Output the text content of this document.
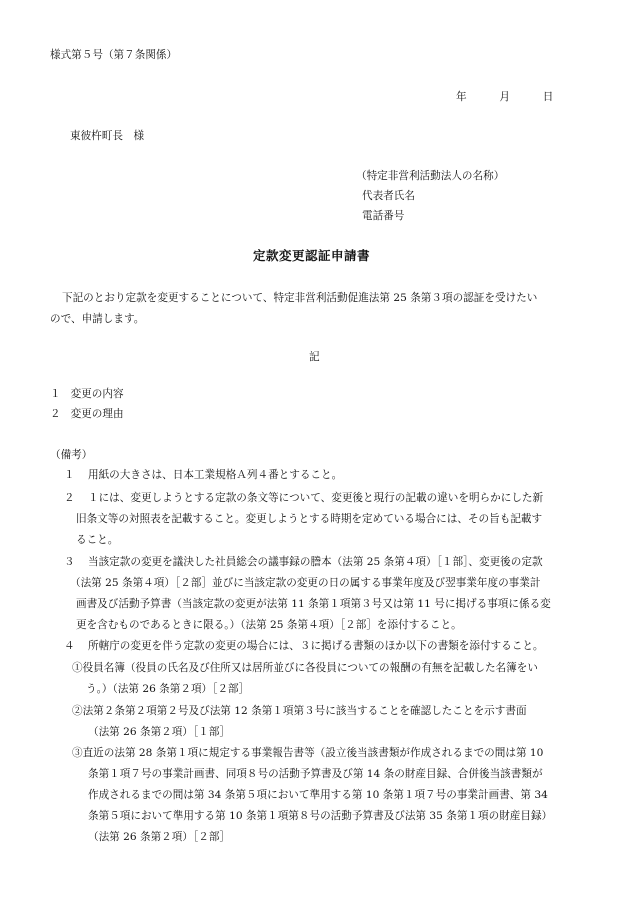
様式第５号（第７条関係）
年	月	日
東彼杵町長　様
（特定非営利活動法人の名称）
代表者氏名
電話番号
定款変更認証申請書
下記のとおり定款を変更することについて、特定非営利活動促進法第 25 条第３項の認証を受けたい
ので、申請します。
記
１ 変更の内容
２ 変更の理由
（備考）
１ 用紙の大きさは、日本工業規格Ａ列４番とすること。
２ １には、変更しようとする定款の条文等について、変更後と現行の記載の違いを明らかにした新
旧条文等の対照表を記載すること。変更しようとする時期を定めている場合には、その旨も記載す
ること。
３ 当該定款の変更を議決した社員総会の議事録の謄本（法第 25 条第４項）［１部］、変更後の定款
（法第 25 条第４項）［２部］並びに当該定款の変更の日の属する事業年度及び翌事業年度の事業計
画書及び活動予算書（当該定款の変更が法第 11 条第１項第３号又は第 11 号に掲げる事項に係る変
更を含むものであるときに限る。）（法第 25 条第４項）［２部］を添付すること。
４ 所轄庁の変更を伴う定款の変更の場合には、３に掲げる書類のほか以下の書類を添付すること。
①役員名簿（役員の氏名及び住所又は居所並びに各役員についての報酬の有無を記載した名簿をい
う。）（法第 26 条第２項）［２部］
②法第２条第２項第２号及び法第 12 条第１項第３号に該当することを確認したことを示す書面
（法第 26 条第２項）［１部］
③直近の法第 28 条第１項に規定する事業報告書等（設立後当該書類が作成されるまでの間は第 10
条第１項７号の事業計画書、同項８号の活動予算書及び第 14 条の財産目録、合併後当該書類が
作成されるまでの間は第 34 条第５項において準用する第 10 条第１項７号の事業計画書、第 34
条第５項において準用する第 10 条第１項第８号の活動予算書及び法第 35 条第１項の財産目録）
（法第 26 条第２項）［２部］
